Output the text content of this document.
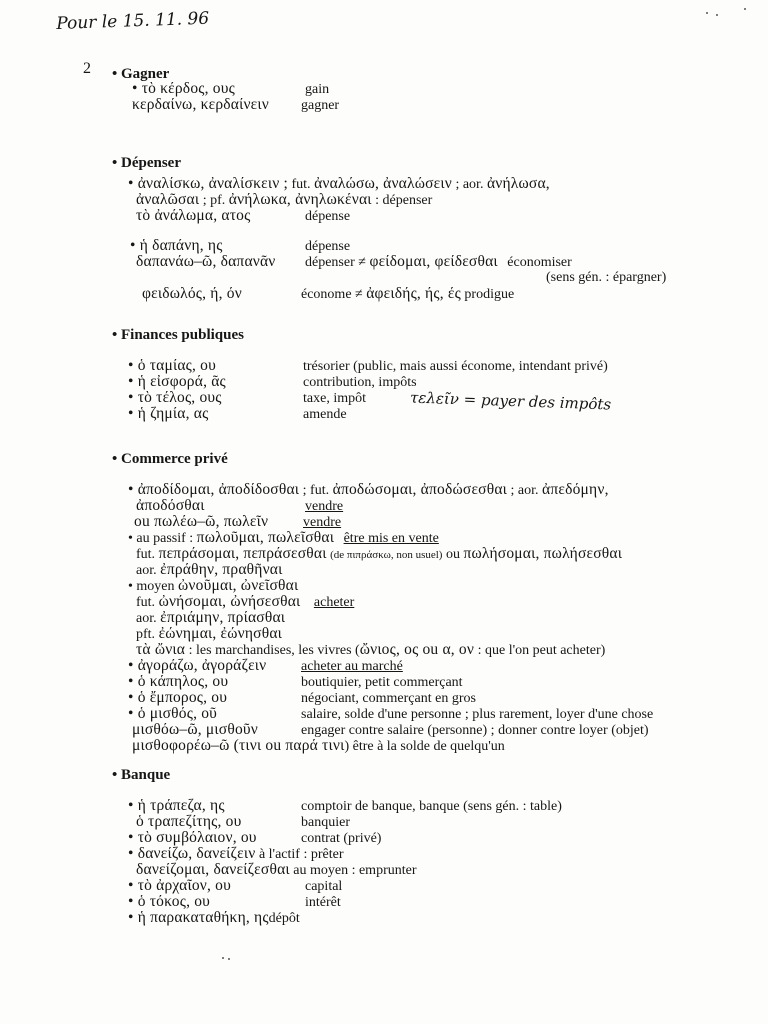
Pour le 15. 11. 96
2 • Gagner
• τὸ κέρδος, ους	gain
κερδαίνω, κερδαίνειν gagner
• Dépenser
• ἀναλίσκω, ἀναλίσκειν ; fut. ἀναλώσω, ἀναλώσειν ; aor. ἀνήλωσα,
ἀναλῶσαι ; pf. ἀνήλωκα, ἀνηλωκέναι : dépenser
τὸ ἀνάλωμα, ατος	dépense
• ἡ δαπάνη, ης	dépense
δαπανάω–ῶ, δαπανᾶν dépenser ≠ φείδομαι, φείδεσθαι économiser
(sens gén. : épargner)
φειδωλός, ή, όν	économe ≠ ἀφειδής, ής, ές prodigue
• Finances publiques
• ὁ ταμίας, ου	trésorier (public, mais aussi économe, intendant privé)
• ἡ εἰσφορά, ᾶς	contribution, impôts
• τὸ τέλος, ους	taxe, impôt
• ἡ ζημία, ας	amende
τελεῖν = payer des impôts
• Commerce privé
• ἀποδίδομαι, ἀποδίδοσθαι ; fut. ἀποδώσομαι, ἀποδώσεσθαι ; aor. ἀπεδόμην,
ἀποδόσθαι	vendre
ou πωλέω–ῶ, πωλεῖν vendre
• au passif : πωλοῦμαι, πωλεῖσθαι être mis en vente
fut. πεπράσομαι, πεπράσεσθαι (de πιπράσκω, non usuel) ou πωλήσομαι, πωλήσεσθαι
aor. ἐπράθην, πραθῆναι
• moyen ὠνοῦμαι, ὠνεῖσθαι
fut. ὠνήσομαι, ὠνήσεσθαι acheter
aor. ἐπριάμην, πρίασθαι
pft. ἐώνημαι, ἐώνησθαι
τὰ ὤνια : les marchandises, les vivres (ὤνιος, ος ou α, ον : que l'on peut acheter)
• ἀγοράζω, ἀγοράζειν acheter au marché
• ὁ κάπηλος, ου	boutiquier, petit commerçant
• ὁ ἔμπορος, ου	négociant, commerçant en gros
• ὁ μισθός, οῦ	salaire, solde d'une personne ; plus rarement, loyer d'une chose
μισθόω–ῶ, μισθοῦν	engager contre salaire (personne) ; donner contre loyer (objet)
μισθοφορέω–ῶ (τινι ou παρά τινι) être à la solde de quelqu'un
• Banque
• ἡ τράπεζα, ης	comptoir de banque, banque (sens gén. : table)
ὁ τραπεζίτης, ου	banquier
• τὸ συμβόλαιον, ου	contrat (privé)
• δανείζω, δανείζειν à l'actif : prêter
δανείζομαι, δανείζεσθαι au moyen : emprunter
• τὸ ἀρχαῖον, ου	capital
• ὁ τόκος, ου	intérêt
• ἡ παρακαταθήκη, ηςdépôt
